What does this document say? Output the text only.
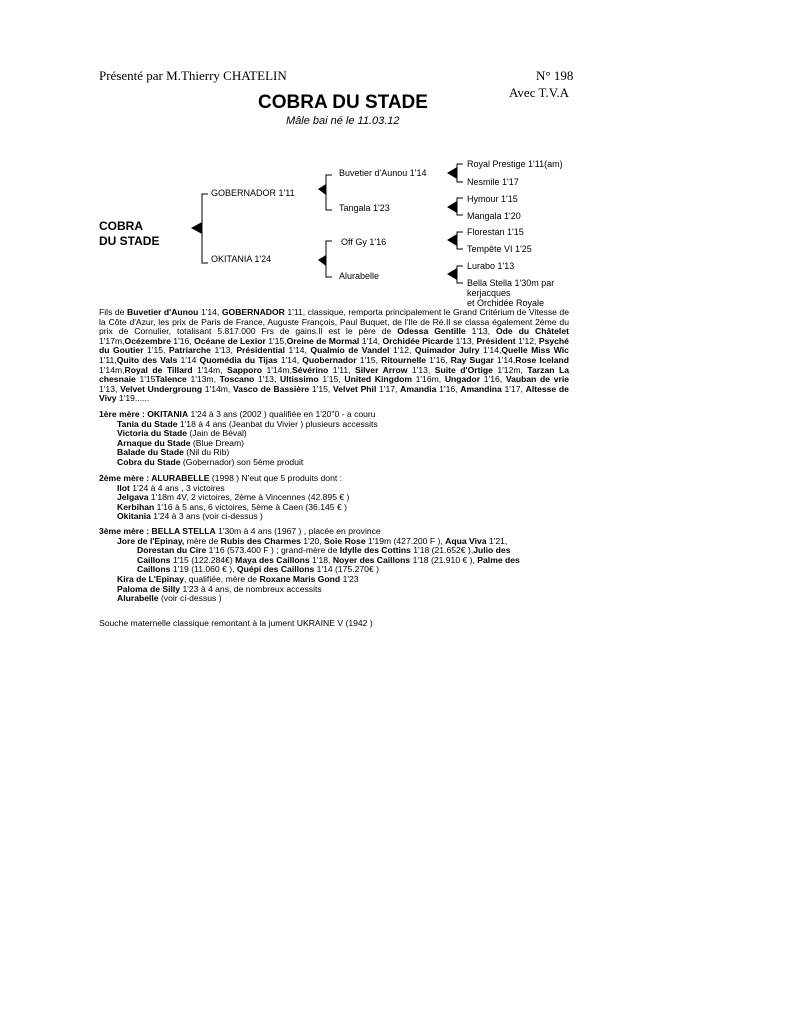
Présenté par M.Thierry CHATELIN	N° 198
Avec T.V.A
COBRA DU STADE
Mâle bai né le 11.03.12
COBRA
DU STADE
GOBERNADOR 1'11
OKITANIA 1'24
Buvetier d'Aunou 1'14
Tangala 1'23
Off Gy 1'16
Alurabelle
Royal Prestige 1'11(am)
Nesmile 1'17
Hymour 1'15
Mangala 1'20
Florestan 1'15
Tempête VI 1'25
Lurabo 1'13
Bella Stella 1'30m par
kerjacques
et Orchidée Royale
Fils de Buvetier d'Aunou 1'14, GOBERNADOR 1'11, classique, remporta principalement le Grand Critérium de Vitesse de la Côte d'Azur, les prix de Paris de France, Auguste François, Paul Buquet, de l'Ile de Ré.Il se classa également 2ème du prix de Cornulier, totalisant 5.817.000 Frs de gains.Il est le père de Odessa Gentille 1'13, Ode du Châtelet 1'17m,Océzembre 1'16, Océane de Lexior 1'15,Oreine de Mormal 1'14, Orchidée Picarde 1'13, Président 1'12, Psyché du Goutier 1'15, Patriarche 1'13, Présidential 1'14, Qualmio de Vandel 1'12, Quimador Julry 1'14,Quelle Miss Wic 1'11,Quito des Vals 1'14 Quomédia du Tijas 1'14, Quobernador 1'15, Ritournelle 1'16, Ray Sugar 1'14,Rose Iceland 1'14m,Royal de Tillard 1'14m, Sapporo 1'14m,Sévérino 1'11, Silver Arrow 1'13, Suite d'Ortige 1'12m, Tarzan La chesnaie 1'15Talence 1'13m, Toscano 1'13, Ultissimo 1'15, United Kingdom 1'16m, Ungador 1'16, Vauban de vrie 1'13, Velvet Undergroung 1'14m, Vasco de Bassière 1'15, Velvet Phil 1'17, Amandia 1'16, Amandina 1'17, Altesse de Vivy 1'19......
1ère mère : OKITANIA 1'24 à 3 ans (2002 ) qualifiée en 1'20"0 - a couru
Tania du Stade 1'18 à 4 ans (Jeanbat du Vivier ) plusieurs accessits
Victoria du Stade (Jain de Béval)
Arnaque du Stade (Blue Dream)
Balade du Stade (Nil du Rib)
Cobra du Stade (Gobernador) son 5ème produit
2ème mère : ALURABELLE (1998 ) N'eut que 5 produits dont :
Ilot 1'24 à 4 ans , 3 victoires
Jelgava 1'18m 4V, 2 victoires, 2ème à Vincennes (42.895 € )
Kerbihan 1'16 à 5 ans, 6 victoires, 5ème à Caen (36.145 € )
Okitania 1'24 à 3 ans (voir ci-dessus )
3ème mère : BELLA STELLA 1'30m à 4 ans (1967 ) , placée en province
Jore de l'Epinay, mère de Rubis des Charmes 1'20, Soie Rose 1'19m (427.200 F ), Aqua Viva 1'21,
Dorestan du Cire 1'16 (573.400 F ) ; grand-mère de Idylle des Cottins 1'18 (21.652€ ),Julio des
Caillons 1'15 (122.284€) Maya des Caillons 1'18, Noyer des Caillons 1'18 (21.910 € ), Palme des
Caillons 1'19 (11.060 € ), Quépi des Caillons 1'14 (175.270€ )
Kira de L'Epinay, qualifiée, mère de Roxane Maris Gond 1'23
Paloma de Silly 1'23 à 4 ans, de nombreux accessits
Alurabelle (voir ci-dessus )
Souche maternelle classique remontant à la jument UKRAINE V (1942 )
